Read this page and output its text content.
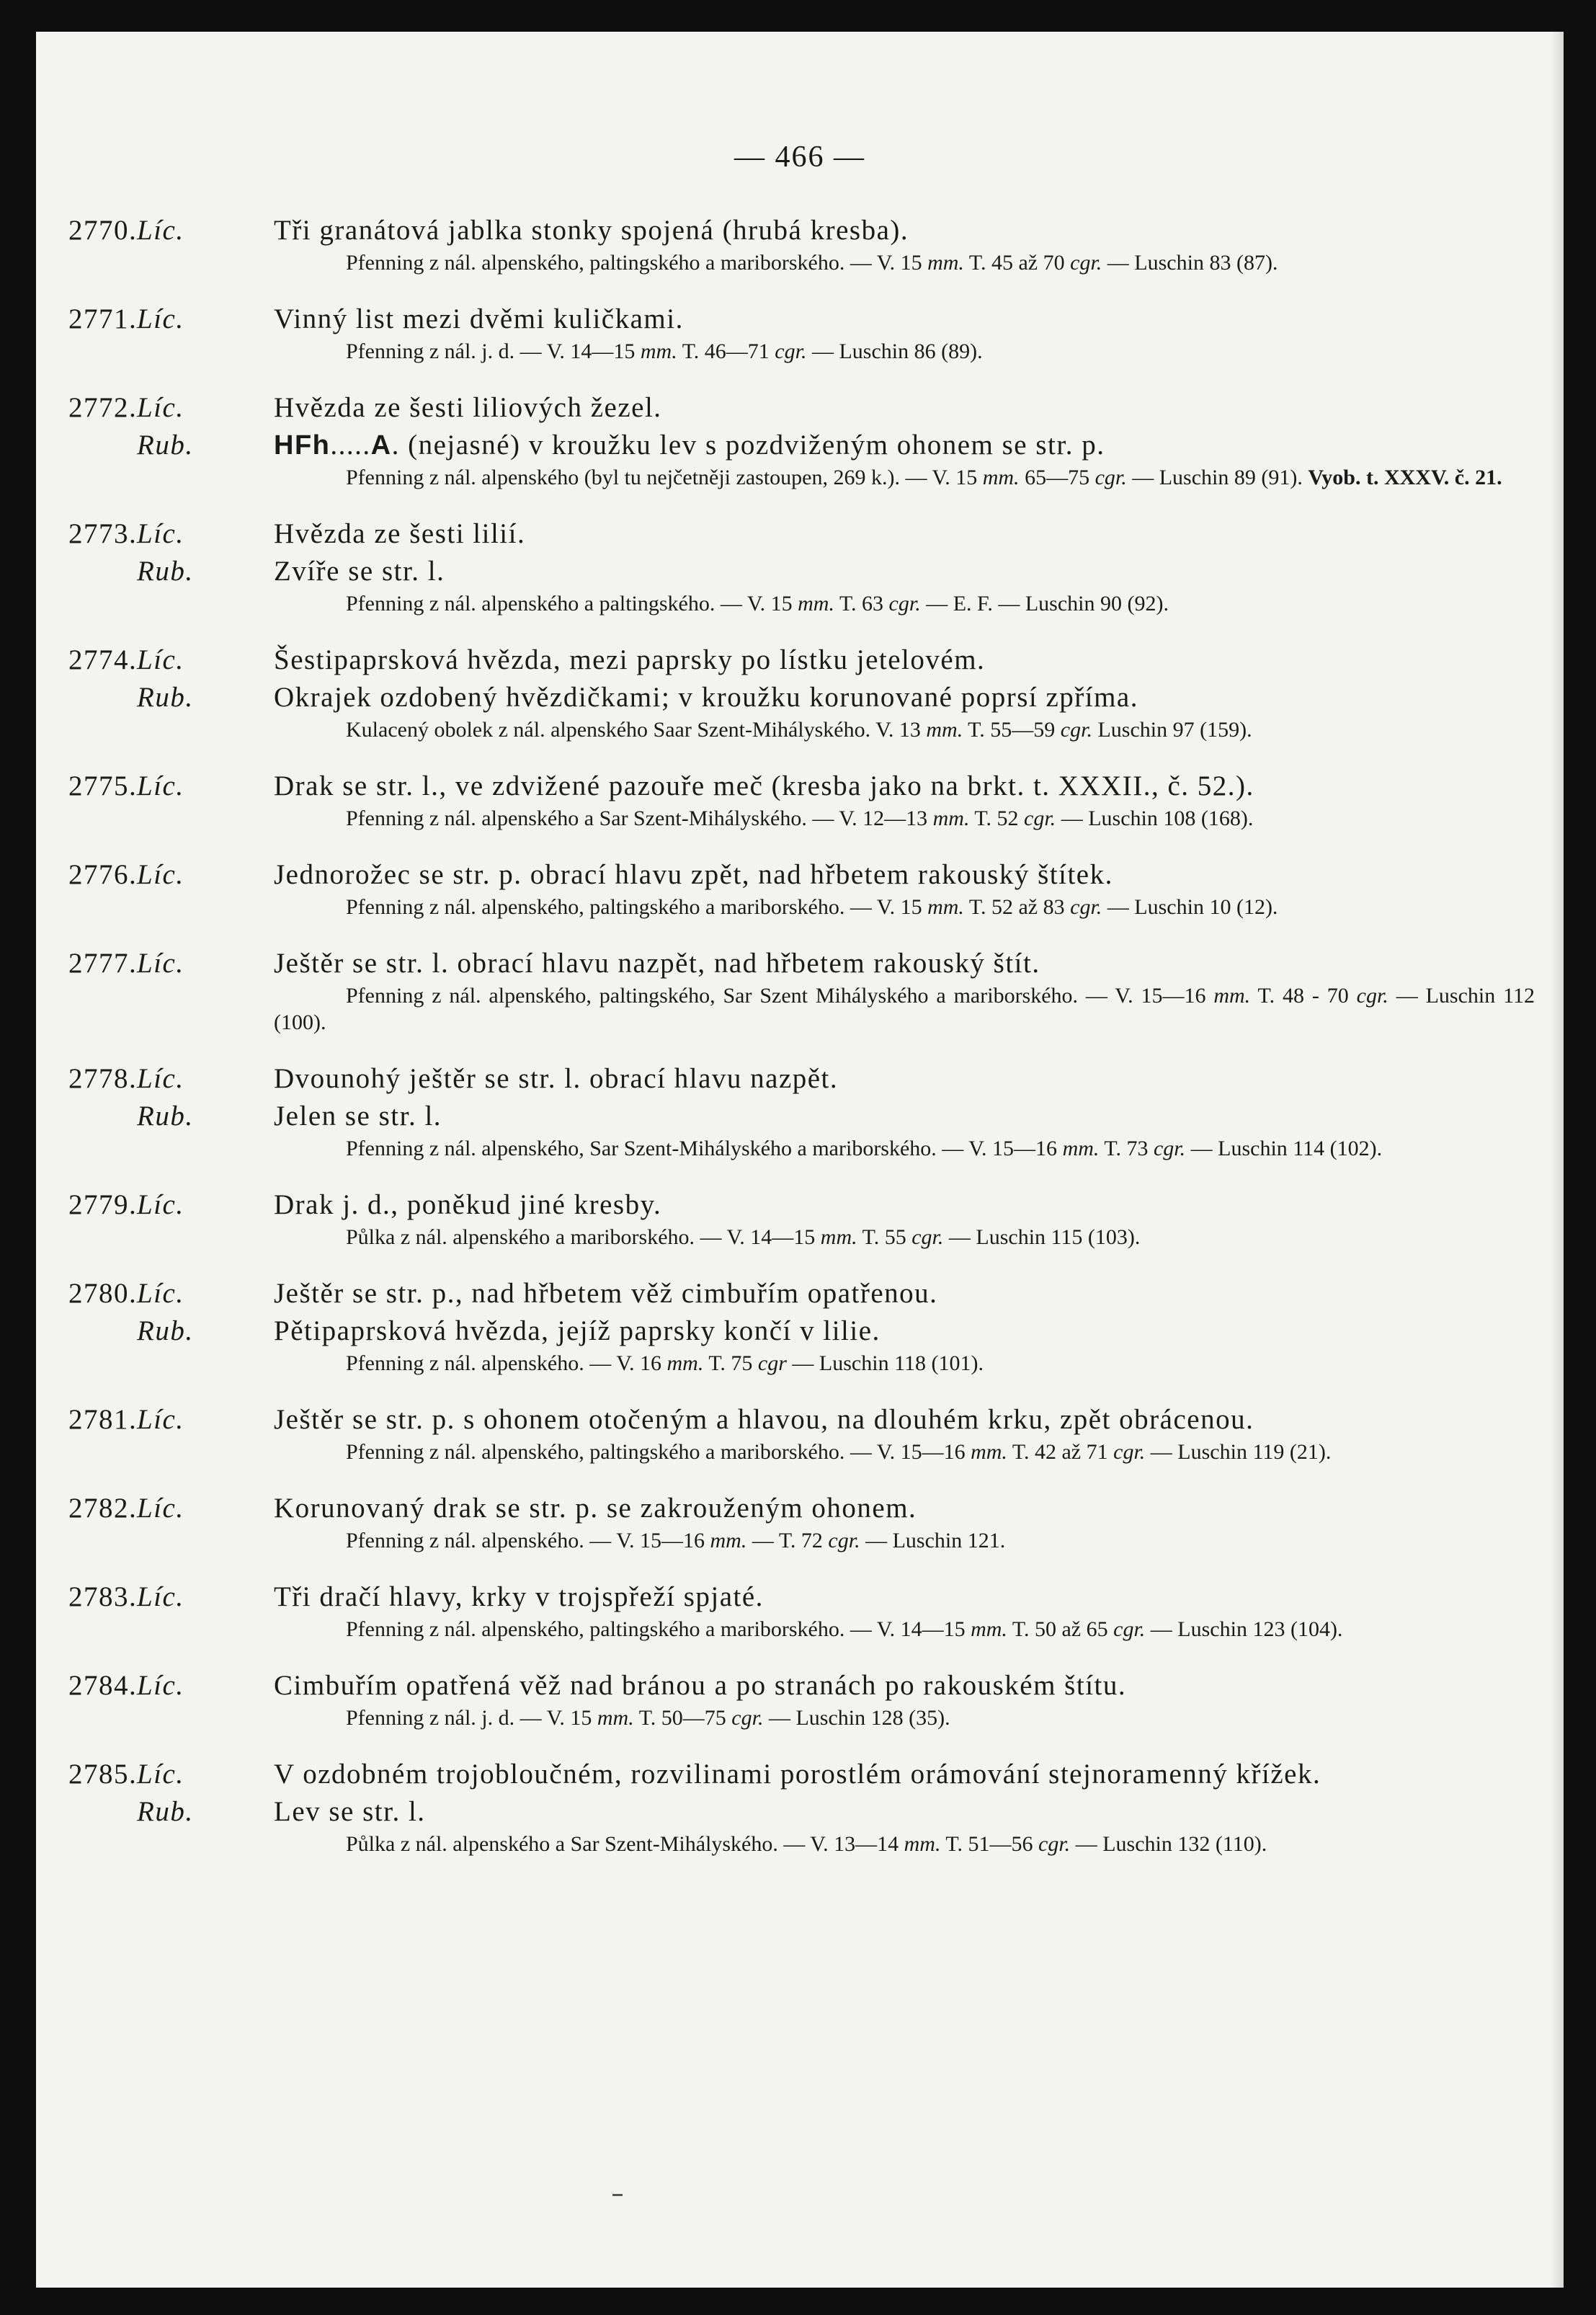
— 466 —
2770. Líc.	Tři granátová jablka stonky spojená (hrubá kresba).
Pfenning z nál. alpenského, paltingského a mariborského. — V. 15 mm. T. 45 až 70 cgr. — Luschin 83 (87).
2771. Líc.	Vinný list mezi dvěmi kuličkami.
Pfenning z nál. j. d. — V. 14—15 mm. T. 46—71 cgr. — Luschin 86 (89).
2772. Líc.	Hvězda ze šesti liliových žezel.
Rub.	HFh.....A. (nejasné) v kroužku lev s pozdviženým ohonem se str. p.
Pfenning z nál. alpenského (byl tu nejčetněji zastoupen, 269 k.). — V. 15 mm. 65—75 cgr. — Luschin 89 (91). Vyob. t. XXXV. č. 21.
2773. Líc.	Hvězda ze šesti lilií.
Rub.	Zvíře se str. l.
Pfenning z nál. alpenského a paltingského. — V. 15 mm. T. 63 cgr. — E. F. — Luschin 90 (92).
2774. Líc.	Šestipaprsková hvězda, mezi paprsky po lístku jetelovém.
Rub.	Okrajek ozdobený hvězdičkami; v kroužku korunované poprsí zpříma.
Kulacený obolek z nál. alpenského Saar Szent-Mihályského. V. 13 mm. T. 55—59 cgr. Luschin 97 (159).
2775. Líc.	Drak se str. l., ve zdvižené pazouře meč (kresba jako na brkt. t. XXXII., č. 52.).
Pfenning z nál. alpenského a Sar Szent-Mihályského. — V. 12—13 mm. T. 52 cgr. — Luschin 108 (168).
2776. Líc.	Jednorožec se str. p. obrací hlavu zpět, nad hřbetem rakouský štítek.
Pfenning z nál. alpenského, paltingského a mariborského. — V. 15 mm. T. 52 až 83 cgr. — Luschin 10 (12).
2777. Líc.	Ještěr se str. l. obrací hlavu nazpět, nad hřbetem rakouský štít.
Pfenning z nál. alpenského, paltingského, Sar Szent Mihályského a mariborského. — V. 15—16 mm. T. 48 - 70 cgr. — Luschin 112 (100).
2778. Líc.	Dvounohý ještěr se str. l. obrací hlavu nazpět.
Rub.	Jelen se str. l.
Pfenning z nál. alpenského, Sar Szent-Mihályského a mariborského. — V. 15—16 mm. T. 73 cgr. — Luschin 114 (102).
2779. Líc.	Drak j. d., poněkud jiné kresby.
Půlka z nál. alpenského a mariborského. — V. 14—15 mm. T. 55 cgr. — Luschin 115 (103).
2780. Líc.	Ještěr se str. p., nad hřbetem věž cimbuřím opatřenou.
Rub.	Pětipaprsková hvězda, jejíž paprsky končí v lilie.
Pfenning z nál. alpenského. — V. 16 mm. T. 75 cgr — Luschin 118 (101).
2781. Líc.	Ještěr se str. p. s ohonem otočeným a hlavou, na dlouhém krku, zpět obrácenou.
Pfenning z nál. alpenského, paltingského a mariborského. — V. 15—16 mm. T. 42 až 71 cgr. — Luschin 119 (21).
2782. Líc.	Korunovaný drak se str. p. se zakrouženým ohonem.
Pfenning z nál. alpenského. — V. 15—16 mm. — T. 72 cgr. — Luschin 121.
2783. Líc.	Tři dračí hlavy, krky v trojspřeží spjaté.
Pfenning z nál. alpenského, paltingského a mariborského. — V. 14—15 mm. T. 50 až 65 cgr. — Luschin 123 (104).
2784. Líc.	Cimbuřím opatřená věž nad bránou a po stranách po rakouském štítu.
Pfenning z nál. j. d. — V. 15 mm. T. 50—75 cgr. — Luschin 128 (35).
2785. Líc.	V ozdobném trojobloučném, rozvilinami porostlém orámování stejnoramenný křížek.
Rub.	Lev se str. l.
Půlka z nál. alpenského a Sar Szent-Mihályského. — V. 13—14 mm. T. 51—56 cgr. — Luschin 132 (110).
